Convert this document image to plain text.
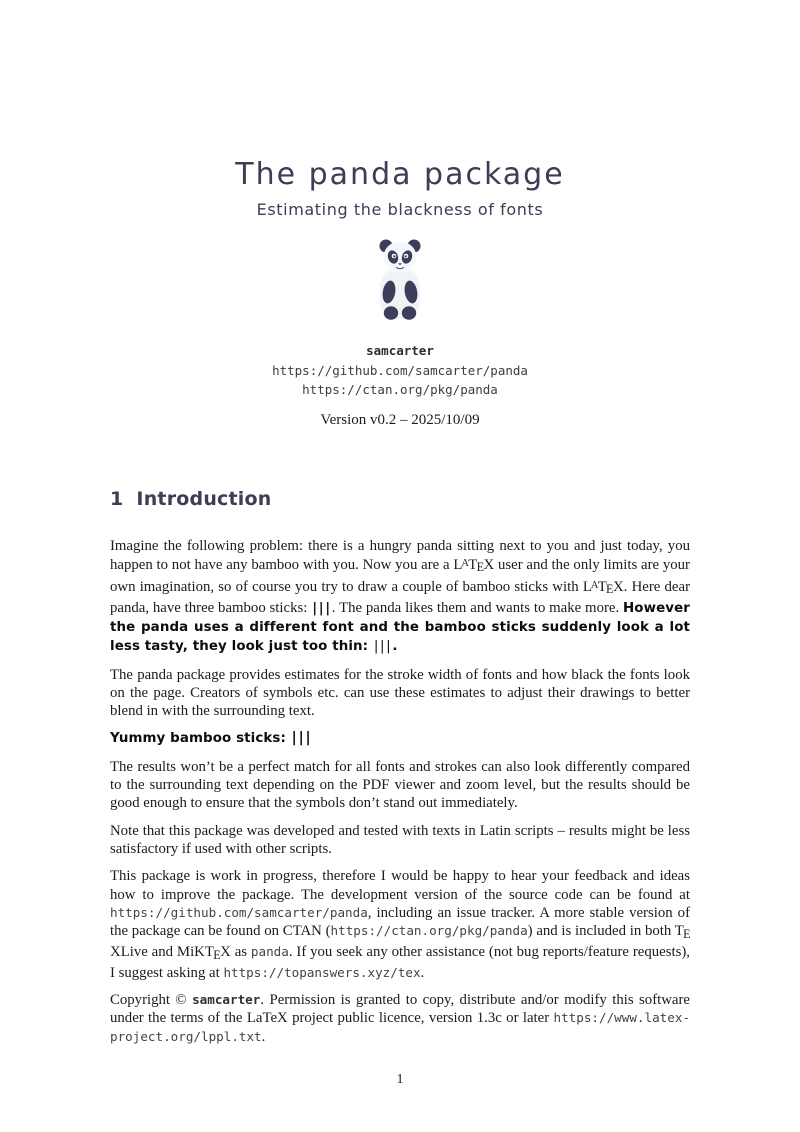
The panda package
Estimating the blackness of fonts
samcarter
https://github.com/samcarter/panda
https://ctan.org/pkg/panda
Version v0.2 – 2025/10/09
1 Introduction

Imagine the following problem: there is a hungry panda sitting next to you and just today, you happen to not have any bamboo with you. Now you are a LATEX user and the only limits are your own imagination, so of course you try to draw a couple of bamboo sticks with LATEX. Here dear panda, have three bamboo sticks: |||. The panda likes them and wants to make more. However the panda uses a different font and the bamboo sticks suddenly look a lot less tasty, they look just too thin: |||.

The panda package provides estimates for the stroke width of fonts and how black the fonts look on the page. Creators of symbols etc. can use these estimates to adjust their drawings to better blend in with the surrounding text.

Yummy bamboo sticks: |||

The results won’t be a perfect match for all fonts and strokes can also look differently compared to the surrounding text depending on the PDF viewer and zoom level, but the results should be good enough to ensure that the symbols don’t stand out immediately.

Note that this package was developed and tested with texts in Latin scripts – results might be less satisfactory if used with other scripts.

This package is work in progress, therefore I would be happy to hear your feedback and ideas how to improve the package. The development version of the source code can be found at https://github.com/samcarter/panda, including an issue tracker. A more stable version of the package can be found on CTAN (https://ctan.org/pkg/panda) and is included in both TEXLive and MiKTEX as panda. If you seek any other assistance (not bug reports/feature requests), I suggest asking at https://topanswers.xyz/tex.

Copyright © samcarter. Permission is granted to copy, distribute and/or modify this software under the terms of the LaTeX project public licence, version 1.3c or later https://www.latex-project.org/lppl.txt.

1
